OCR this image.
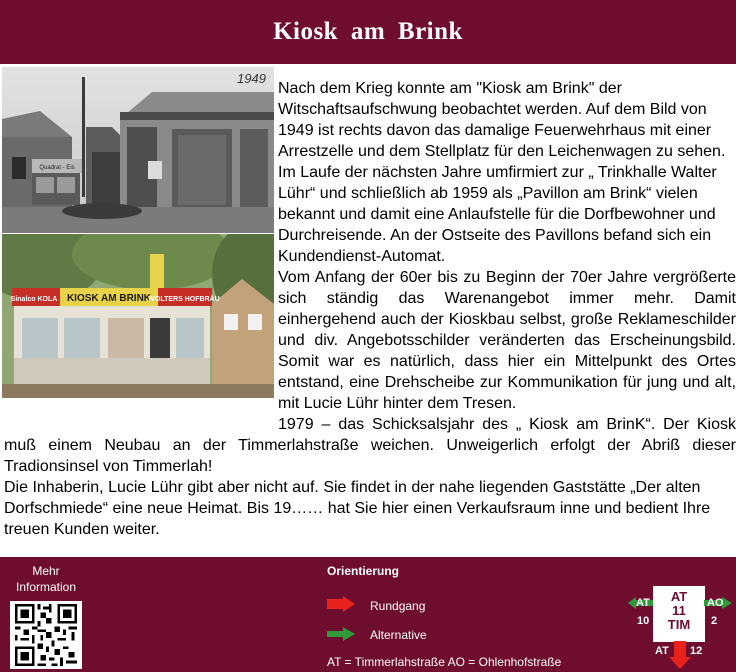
Kiosk am Brink
Quadrat - Eis
1949
KIOSK AM BRINK
Sinalco KOLA	WOLTERS HOFBRÄU

Nach dem Krieg konnte am "Kiosk am Brink" der Witschaftsaufschwung beobachtet werden. Auf dem Bild von 1949 ist rechts davon das damalige Feuerwehrhaus mit einer Arrestzelle und dem Stellplatz für den Leichenwagen zu sehen.

Im Laufe der nächsten Jahre umfirmiert zur „ Trinkhalle Walter Lühr“ und schließlich ab 1959 als „Pavillon am Brink“ vielen bekannt und damit eine Anlaufstelle für die Dorfbewohner und Durchreisende. An der Ostseite des Pavillons befand sich ein Kundendienst-Automat.

Vom Anfang der 60er bis zu Beginn der 70er Jahre vergrößerte sich ständig das Warenangebot immer mehr. Damit einhergehend auch der Kioskbau selbst, große Reklameschilder und div. Angebotsschilder veränderten das Erscheinungsbild. Somit war es natürlich, dass hier ein Mittelpunkt des Ortes entstand, eine Drehscheibe zur Kommunikation für jung und alt, mit Lucie Lühr hinter dem Tresen.

1979 – das Schicksalsjahr des „ Kiosk am BrinK“. Der Kiosk muß einem Neubau an der Timmerlahstraße weichen. Unweigerlich erfolgt der Abriß dieser Tradionsinsel von Timmerlah!

Die Inhaberin, Lucie Lühr gibt aber nicht auf. Sie findet in der nahe liegenden Gaststätte „Der alten Dorfschmiede“ eine neue Heimat. Bis 19…… hat Sie hier einen Verkaufsraum inne und bedient Ihre treuen Kunden weiter.

Mehr Information
Orientierung
Rundgang
Alternative
AT = Timmerlahstraße AO = Ohlenhofstraße
AT
10
AT
11
TIM
AO
2
AT 12
